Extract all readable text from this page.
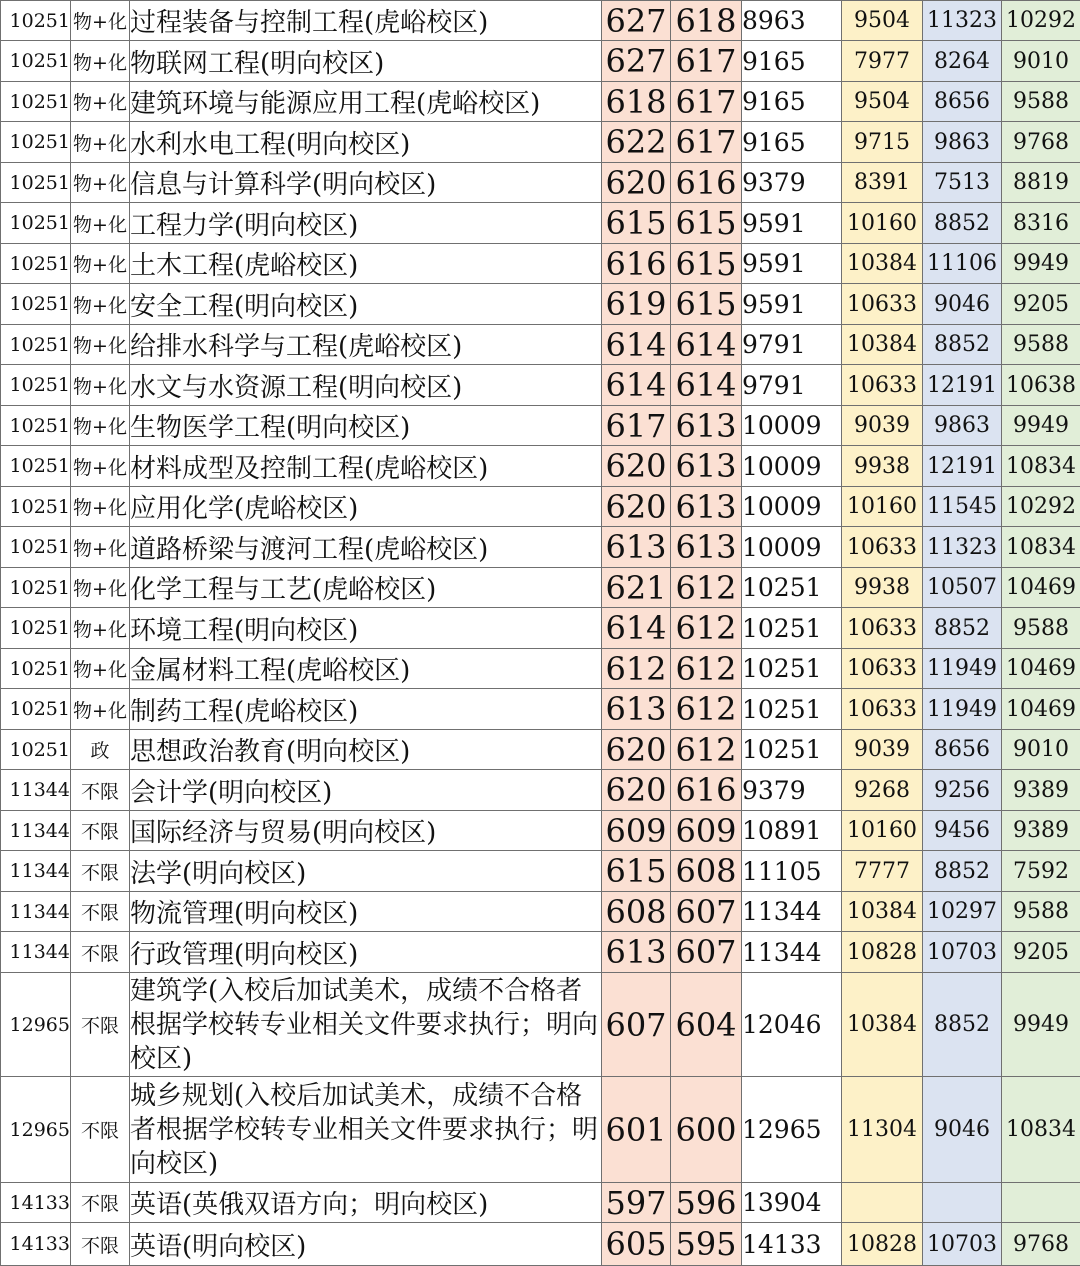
10251	物+化	过程装备与控制工程(虎峪校区)	627	618	8963	9504	11323	10292
10251	物+化	物联网工程(明向校区)	627	617	9165	7977	8264	9010
10251	物+化	建筑环境与能源应用工程(虎峪校区)	618	617	9165	9504	8656	9588
10251	物+化	水利水电工程(明向校区)	622	617	9165	9715	9863	9768
10251	物+化	信息与计算科学(明向校区)	620	616	9379	8391	7513	8819
10251	物+化	工程力学(明向校区)	615	615	9591	10160	8852	8316
10251	物+化	土木工程(虎峪校区)	616	615	9591	10384	11106	9949
10251	物+化	安全工程(明向校区)	619	615	9591	10633	9046	9205
10251	物+化	给排水科学与工程(虎峪校区)	614	614	9791	10384	8852	9588
10251	物+化	水文与水资源工程(明向校区)	614	614	9791	10633	12191	10638
10251	物+化	生物医学工程(明向校区)	617	613	10009	9039	9863	9949
10251	物+化	材料成型及控制工程(虎峪校区)	620	613	10009	9938	12191	10834
10251	物+化	应用化学(虎峪校区)	620	613	10009	10160	11545	10292
10251	物+化	道路桥梁与渡河工程(虎峪校区)	613	613	10009	10633	11323	10834
10251	物+化	化学工程与工艺(虎峪校区)	621	612	10251	9938	10507	10469
10251	物+化	环境工程(明向校区)	614	612	10251	10633	8852	9588
10251	物+化	金属材料工程(虎峪校区)	612	612	10251	10633	11949	10469
10251	物+化	制药工程(虎峪校区)	613	612	10251	10633	11949	10469
10251	政	思想政治教育(明向校区)	620	612	10251	9039	8656	9010
11344	不限	会计学(明向校区)	620	616	9379	9268	9256	9389
11344	不限	国际经济与贸易(明向校区)	609	609	10891	10160	9456	9389
11344	不限	法学(明向校区)	615	608	11105	7777	8852	7592
11344	不限	物流管理(明向校区)	608	607	11344	10384	10297	9588
11344	不限	行政管理(明向校区)	613	607	11344	10828	10703	9205
12965	不限	建筑学(入校后加试美术，成绩不合格者根据学校转专业相关文件要求执行；明向校区)	607	604	12046	10384	8852	9949
12965	不限	城乡规划(入校后加试美术，成绩不合格者根据学校转专业相关文件要求执行；明向校区)	601	600	12965	11304	9046	10834
14133	不限	英语(英俄双语方向；明向校区)	597	596	13904			
14133	不限	英语(明向校区)	605	595	14133	10828	10703	9768
